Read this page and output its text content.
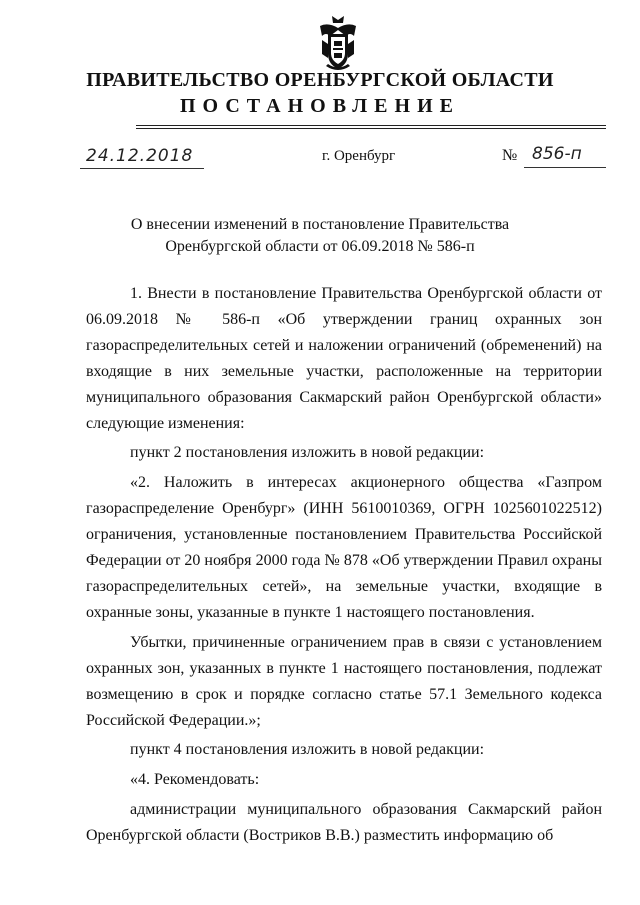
ПРАВИТЕЛЬСТВО ОРЕНБУРГСКОЙ ОБЛАСТИ
ПОСТАНОВЛЕНИЕ
24.12.2018	г. Оренбург	№ 856-п
О внесении изменений в постановление Правительства
Оренбургской области от 06.09.2018 № 586-п

1. Внести в постановление Правительства Оренбургской области от 06.09.2018 № 586-п «Об утверждении границ охранных зон газораспределительных сетей и наложении ограничений (обременений) на входящие в них земельные участки, расположенные на территории муниципального образования Сакмарский район Оренбургской области» следующие изменения:

пункт 2 постановления изложить в новой редакции:

«2. Наложить в интересах акционерного общества «Газпром газораспределение Оренбург» (ИНН 5610010369, ОГРН 1025601022512) ограничения, установленные постановлением Правительства Российской Федерации от 20 ноября 2000 года № 878 «Об утверждении Правил охраны газораспределительных сетей», на земельные участки, входящие в охранные зоны, указанные в пункте 1 настоящего постановления.

Убытки, причиненные ограничением прав в связи с установлением охранных зон, указанных в пункте 1 настоящего постановления, подлежат возмещению в срок и порядке согласно статье 57.1 Земельного кодекса Российской Федерации.»;

пункт 4 постановления изложить в новой редакции:

«4. Рекомендовать:

администрации муниципального образования Сакмарский район Оренбургской области (Востриков В.В.) разместить информацию об
